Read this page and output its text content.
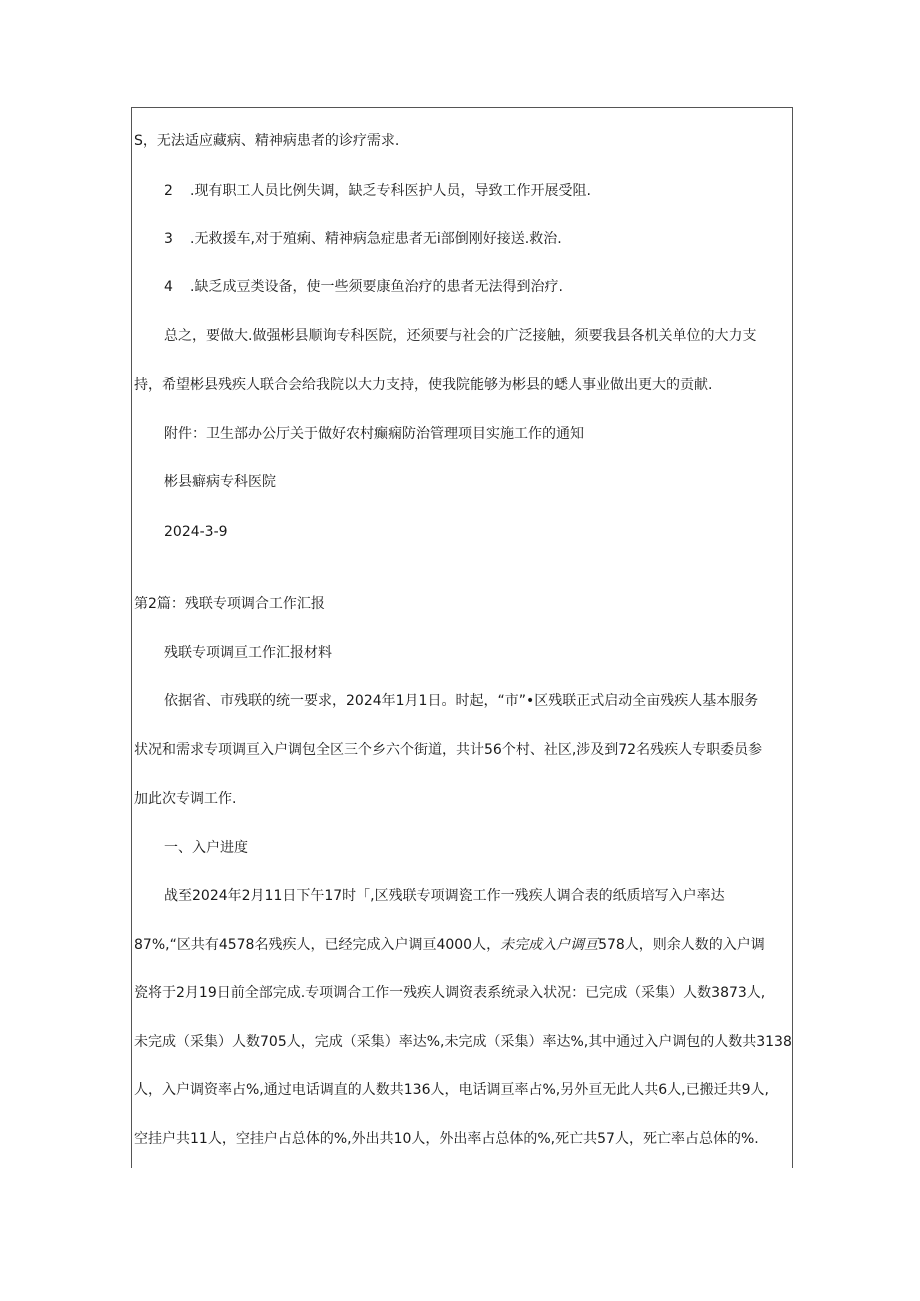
S，无法适应藏病、精神病患者的诊疗需求.
2 .现有职工人员比例失调，缺乏专科医护人员，导致工作开展受阻.
3 .无救援车,对于殖痢、精神病急症患者无i部倒刚好接送.救治.
4 .缺乏成豆类设备，使一些须要康鱼治疗的患者无法得到治疗.
总之，要做大.做强彬县顺询专科医院，还须要与社会的广泛接触，须要我县各机关单位的大力支
持，希望彬县残疾人联合会给我院以大力支持，使我院能够为彬县的蟋人事业做出更大的贡献.
附件：卫生部办公厅关于做好农村癫痫防治管理项目实施工作的通知
彬县癖病专科医院
2024-3-9
第2篇：残联专项调合工作汇报
残联专项调亘工作汇报材料
依据省、市残联的统一要求，2024年1月1日。时起，“市”•区残联正式启动全亩残疾人基本服务
状况和需求专项调亘入户调包全区三个乡六个街道，共计56个村、社区,涉及到72名残疾人专职委员参
加此次专调工作.
一、入户进度
战至2024年2月11日下午17时「,区残联专项调瓷工作一残疾人调合表的纸质培写入户率达
87%,“区共有4578名残疾人，已经完成入户调亘4000人，未完成入户调亘578人，则余人数的入户调
瓷将于2月19日前全部完成.专项调合工作一残疾人调资表系统录入状况：已完成（采集）人数3873人,
未完成（采集）人数705人，完成（采集）率达%,未完成（采集）率达%,其中通过入户调包的人数共3138
人，入户调资率占%,通过电话调直的人数共136人，电话调亘率占%,另外亘无此人共6人,已搬迁共9人,
空挂户共11人，空挂户占总体的%,外出共10人，外出率占总体的%,死亡共57人，死亡率占总体的%.
